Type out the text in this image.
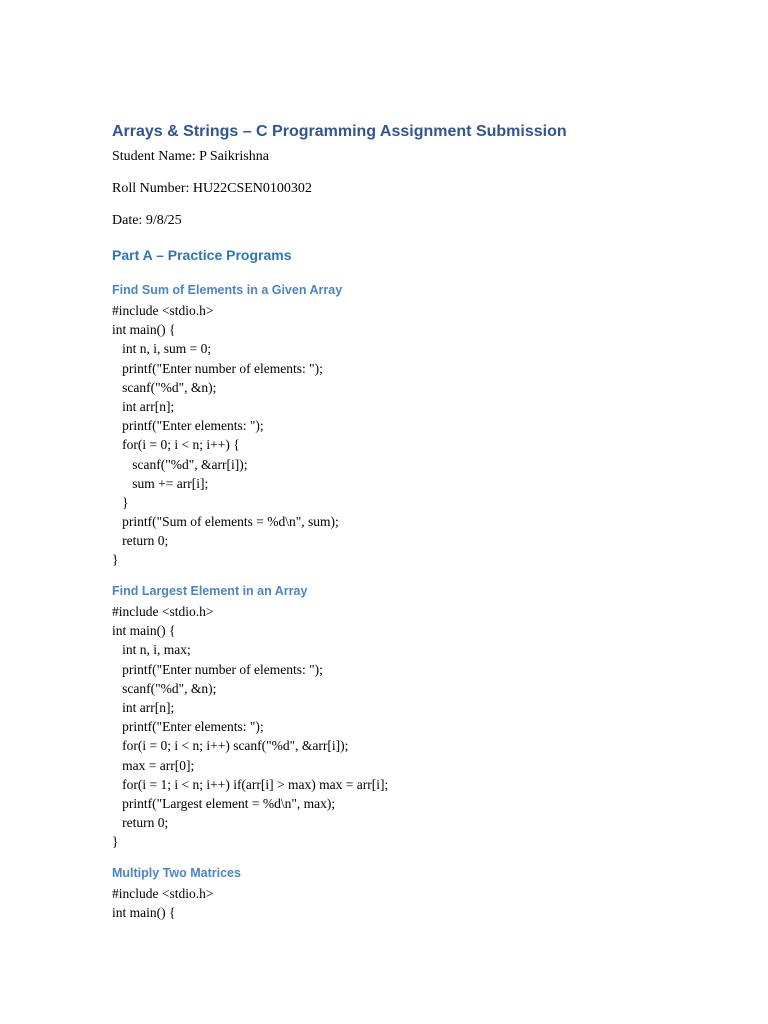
Arrays & Strings – C Programming Assignment Submission
Student Name: P Saikrishna
Roll Number: HU22CSEN0100302
Date: 9/8/25
Part A – Practice Programs
Find Sum of Elements in a Given Array
#include <stdio.h>
int main() {
int n, i, sum = 0;
printf("Enter number of elements: ");
scanf("%d", &n);
int arr[n];
printf("Enter elements: ");
for(i = 0; i < n; i++) {
scanf("%d", &arr[i]);
sum += arr[i];
}
printf("Sum of elements = %d\n", sum);
return 0;
}
Find Largest Element in an Array
#include <stdio.h>
int main() {
int n, i, max;
printf("Enter number of elements: ");
scanf("%d", &n);
int arr[n];
printf("Enter elements: ");
for(i = 0; i < n; i++) scanf("%d", &arr[i]);
max = arr[0];
for(i = 1; i < n; i++) if(arr[i] > max) max = arr[i];
printf("Largest element = %d\n", max);
return 0;
}
Multiply Two Matrices
#include <stdio.h>
int main() {
